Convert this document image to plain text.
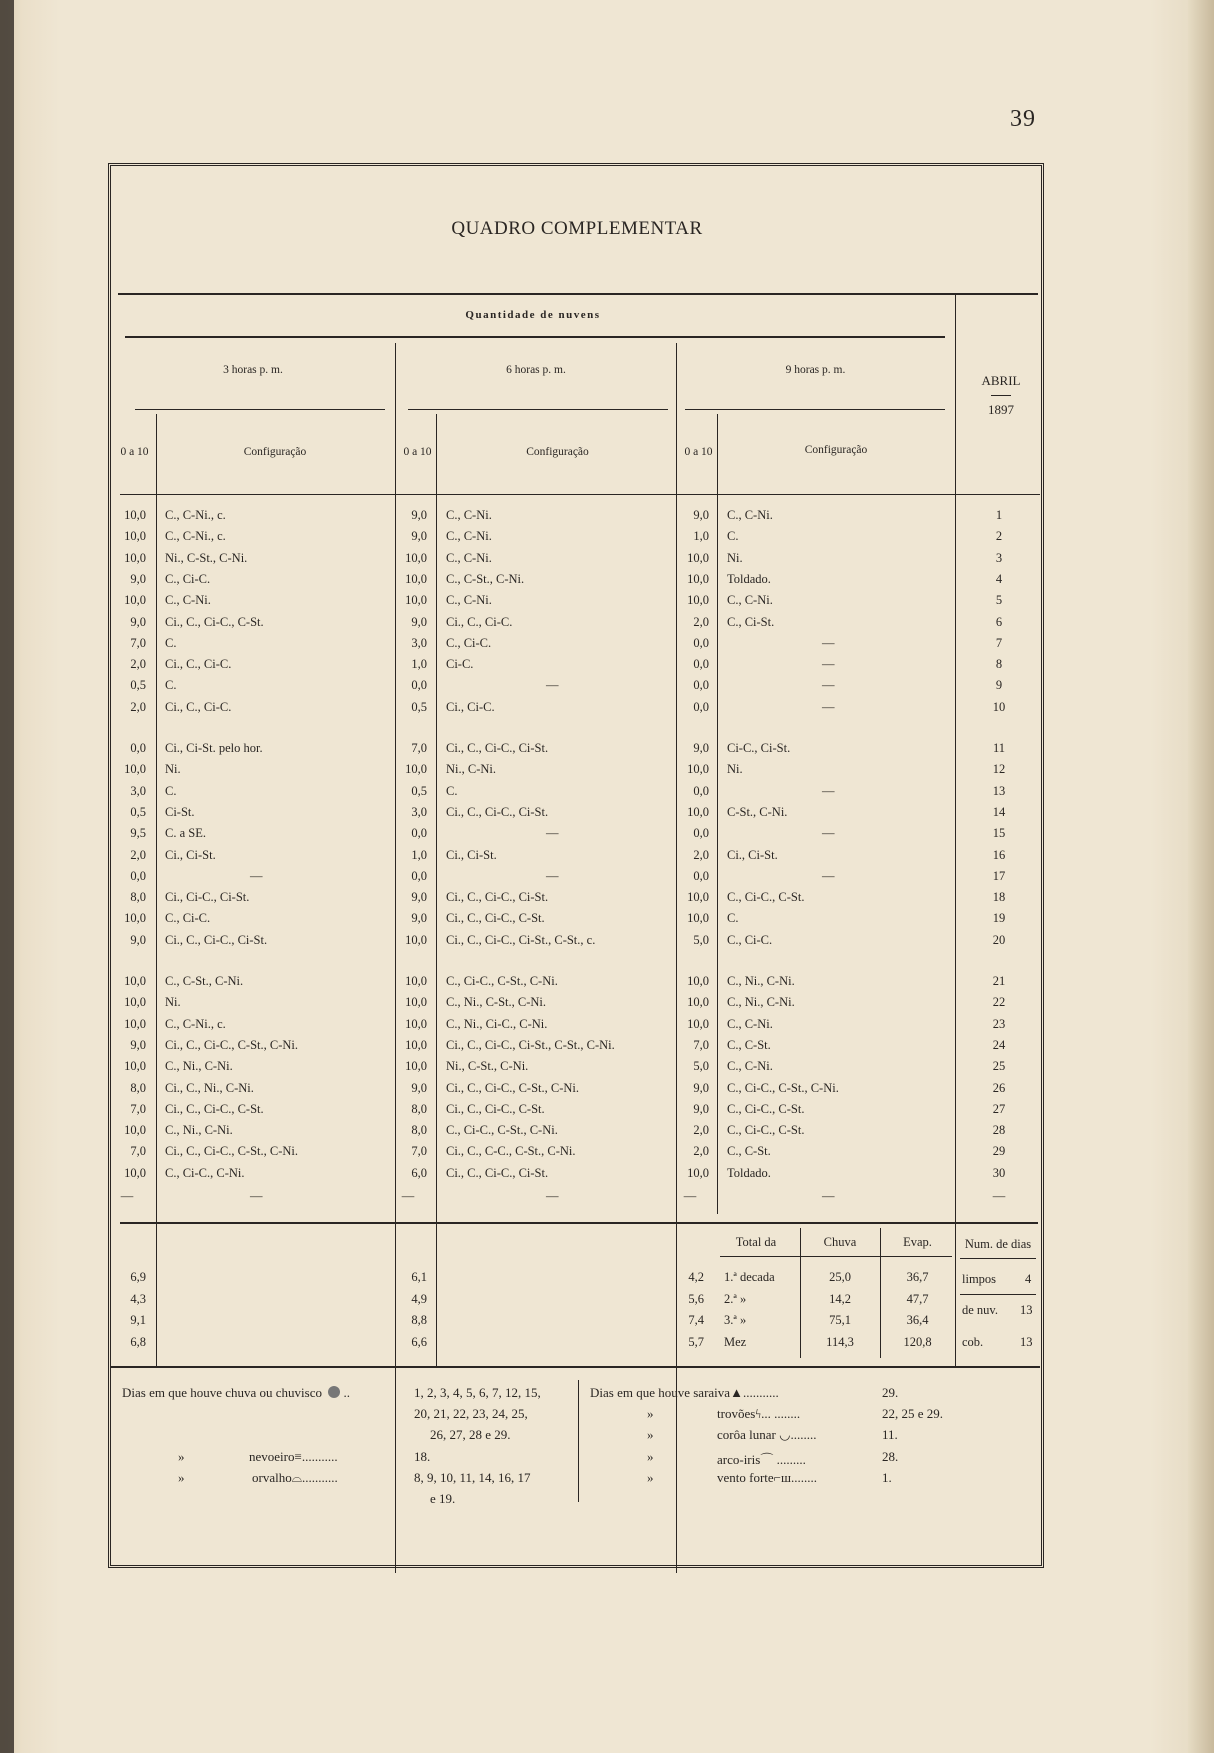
39
QUADRO COMPLEMENTAR
Quantidade de nuvens
3 horas p. m.	6 horas p. m.	9 horas p. m.
ABRIL
1897
0 a 10	Configuração	0 a 10	Configuração	0 a 10	Configuração
10,0 C., C-Ni., c.	9,0 C., C-Ni.	9,0 C., C-Ni.	1
10,0 C., C-Ni., c.	9,0 C., C-Ni.	1,0 C.	2
10,0 Ni., C-St., C-Ni.	10,0 C., C-Ni.	10,0 Ni.	3
9,0 C., Ci-C.	10,0 C., C-St., C-Ni.	10,0 Toldado.	4
10,0 C., C-Ni.	10,0 C., C-Ni.	10,0 C., C-Ni.	5
9,0 Ci., C., Ci-C., C-St.	9,0 Ci., C., Ci-C.	2,0 C., Ci-St.	6
7,0 C.	3,0 C., Ci-C.	0,0	—	7
2,0 Ci., C., Ci-C.	1,0 Ci-C.	0,0	—	8
0,5 C.	0,0	—	0,0	—	9
2,0 Ci., C., Ci-C.	0,5 Ci., Ci-C.	0,0	—	10
0,0 Ci., Ci-St. pelo hor.	7,0 Ci., C., Ci-C., Ci-St.	9,0 Ci-C., Ci-St.	11
10,0 Ni.	10,0 Ni., C-Ni.	10,0 Ni.	12
3,0 C.	0,5 C.	0,0	—	13
0,5 Ci-St.	3,0 Ci., C., Ci-C., Ci-St.	10,0 C-St., C-Ni.	14
9,5 C. a SE.	0,0	—	0,0	—	15
2,0 Ci., Ci-St.	1,0 Ci., Ci-St.	2,0 Ci., Ci-St.	16
0,0	—	0,0	—	0,0	—	17
8,0 Ci., Ci-C., Ci-St.	9,0 Ci., C., Ci-C., Ci-St.	10,0 C., Ci-C., C-St.	18
10,0 C., Ci-C.	9,0 Ci., C., Ci-C., C-St.	10,0 C.	19
9,0 Ci., C., Ci-C., Ci-St.	10,0 Ci., C., Ci-C., Ci-St., C-St., c.	5,0 C., Ci-C.	20
10,0 C., C-St., C-Ni.	10,0 C., Ci-C., C-St., C-Ni.	10,0 C., Ni., C-Ni.	21
10,0 Ni.	10,0 C., Ni., C-St., C-Ni.	10,0 C., Ni., C-Ni.	22
10,0 C., C-Ni., c.	10,0 C., Ni., Ci-C., C-Ni.	10,0 C., C-Ni.	23
9,0 Ci., C., Ci-C., C-St., C-Ni.	10,0 Ci., C., Ci-C., Ci-St., C-St., C-Ni.	7,0 C., C-St.	24
10,0 C., Ni., C-Ni.	10,0 Ni., C-St., C-Ni.	5,0 C., C-Ni.	25
8,0 Ci., C., Ni., C-Ni.	9,0 Ci., C., Ci-C., C-St., C-Ni.	9,0 C., Ci-C., C-St., C-Ni.	26
7,0 Ci., C., Ci-C., C-St.	8,0 Ci., C., Ci-C., C-St.	9,0 C., Ci-C., C-St.	27
10,0 C., Ni., C-Ni.	8,0 C., Ci-C., C-St., C-Ni.	2,0 C., Ci-C., C-St.	28
7,0 Ci., C., Ci-C., C-St., C-Ni.	7,0 Ci., C., C-C., C-St., C-Ni.	2,0 C., C-St.	29
10,0 C., Ci-C., C-Ni.	6,0 Ci., C., Ci-C., Ci-St.	10,0 Toldado.	30
—	—	—	—	—	—	—
Total da	Chuva	Evap.	Num. de dias
6,9	6,1	4,2 1.ª decada	25,0	36,7
4,3	4,9	5,6 2.ª »	14,2	47,7
9,1	8,8	7,4 3.ª »	75,1	36,4
6,8	6,6	5,7 Mez	114,3	120,8
limpos 4
de nuv. 13
cob.	13
Dias em que houve chuva ou chuvisco  ..	1, 2, 3, 4, 5, 6, 7, 12, 15,
20, 21, 22, 23, 24, 25,
26, 27, 28 e 29.
»	nevoeiro≡...........	18.
»	orvalho⌓...........	8, 9, 10, 11, 14, 16, 17
e 19.
Dias em que houve saraiva▲...........	29.
»	trovõesϟ... ........	22, 25 e 29.
»	corôa lunar ◡........	11.
»	arco-iris⌒ .........	28.
»	vento forte⌐ш........	1.
